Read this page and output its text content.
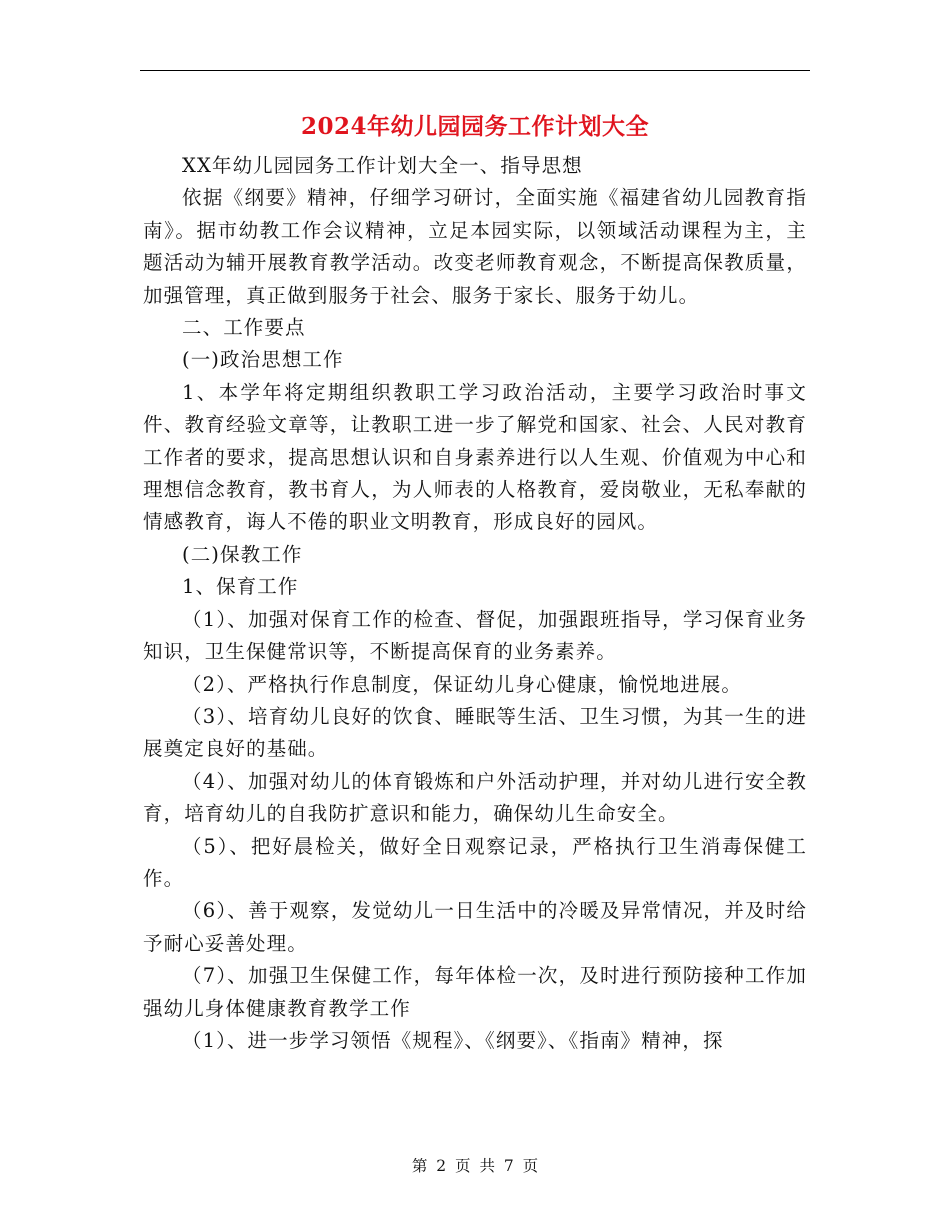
2024年幼儿园园务工作计划大全

XX年幼儿园园务工作计划大全一、指导思想

依据《纲要》精神，仔细学习研讨，全面实施《福建省幼儿园教育指南》。据市幼教工作会议精神，立足本园实际，以领域活动课程为主，主题活动为辅开展教育教学活动。改变老师教育观念，不断提高保教质量，加强管理，真正做到服务于社会、服务于家长、服务于幼儿。

二、工作要点

(一)政治思想工作

1、本学年将定期组织教职工学习政治活动，主要学习政治时事文件、教育经验文章等，让教职工进一步了解党和国家、社会、人民对教育工作者的要求，提高思想认识和自身素养进行以人生观、价值观为中心和理想信念教育，教书育人，为人师表的人格教育，爱岗敬业，无私奉献的情感教育，诲人不倦的职业文明教育，形成良好的园风。

(二)保教工作

1、保育工作

（1）、加强对保育工作的检查、督促，加强跟班指导，学习保育业务知识，卫生保健常识等，不断提高保育的业务素养。

（2）、严格执行作息制度，保证幼儿身心健康，愉悦地进展。

（3）、培育幼儿良好的饮食、睡眠等生活、卫生习惯，为其一生的进展奠定良好的基础。

（4）、加强对幼儿的体育锻炼和户外活动护理，并对幼儿进行安全教育，培育幼儿的自我防扩意识和能力，确保幼儿生命安全。

（5）、把好晨检关，做好全日观察记录，严格执行卫生消毒保健工作。

（6）、善于观察，发觉幼儿一日生活中的冷暖及异常情况，并及时给予耐心妥善处理。

（7）、加强卫生保健工作，每年体检一次，及时进行预防接种工作加强幼儿身体健康教育教学工作

（1）、进一步学习领悟《规程》、《纲要》、《指南》精神，探

第 2 页 共 7 页
